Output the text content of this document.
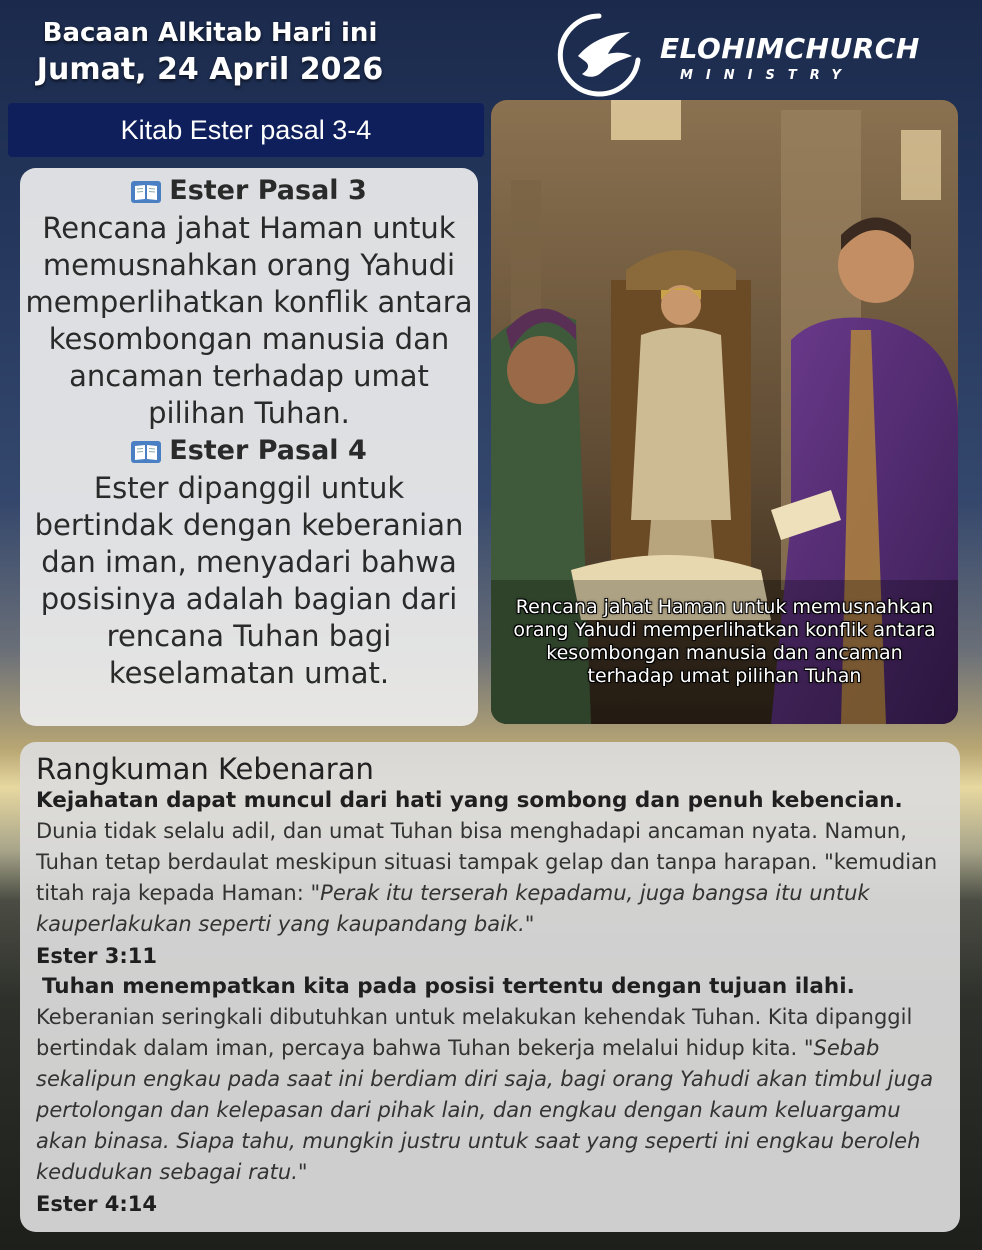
Bacaan Alkitab Hari ini
Jumat, 24 April 2026
ELOHIMCHURCH
MINISTRY
Kitab Ester pasal 3-4
Ester Pasal 3
Rencana jahat Haman untuk memusnahkan orang Yahudi memperlihatkan konflik antara kesombongan manusia dan ancaman terhadap umat pilihan Tuhan.
Ester Pasal 4
Ester dipanggil untuk bertindak dengan keberanian dan iman, menyadari bahwa posisinya adalah bagian dari rencana Tuhan bagi keselamatan umat.
Rencana jahat Haman untuk memusnahkan orang Yahudi memperlihatkan konflik antara kesombongan manusia dan ancaman terhadap umat pilihan Tuhan
Rangkuman Kebenaran
Kejahatan dapat muncul dari hati yang sombong dan penuh kebencian.
Dunia tidak selalu adil, dan umat Tuhan bisa menghadapi ancaman nyata. Namun, Tuhan tetap berdaulat meskipun situasi tampak gelap dan tanpa harapan. "kemudian titah raja kepada Haman: "Perak itu terserah kepadamu, juga bangsa itu untuk kauperlakukan seperti yang kaupandang baik."
Ester 3:11
Tuhan menempatkan kita pada posisi tertentu dengan tujuan ilahi.
Keberanian seringkali dibutuhkan untuk melakukan kehendak Tuhan. Kita dipanggil bertindak dalam iman, percaya bahwa Tuhan bekerja melalui hidup kita. "Sebab sekalipun engkau pada saat ini berdiam diri saja, bagi orang Yahudi akan timbul juga pertolongan dan kelepasan dari pihak lain, dan engkau dengan kaum keluargamu akan binasa. Siapa tahu, mungkin justru untuk saat yang seperti ini engkau beroleh kedudukan sebagai ratu."
Ester 4:14
